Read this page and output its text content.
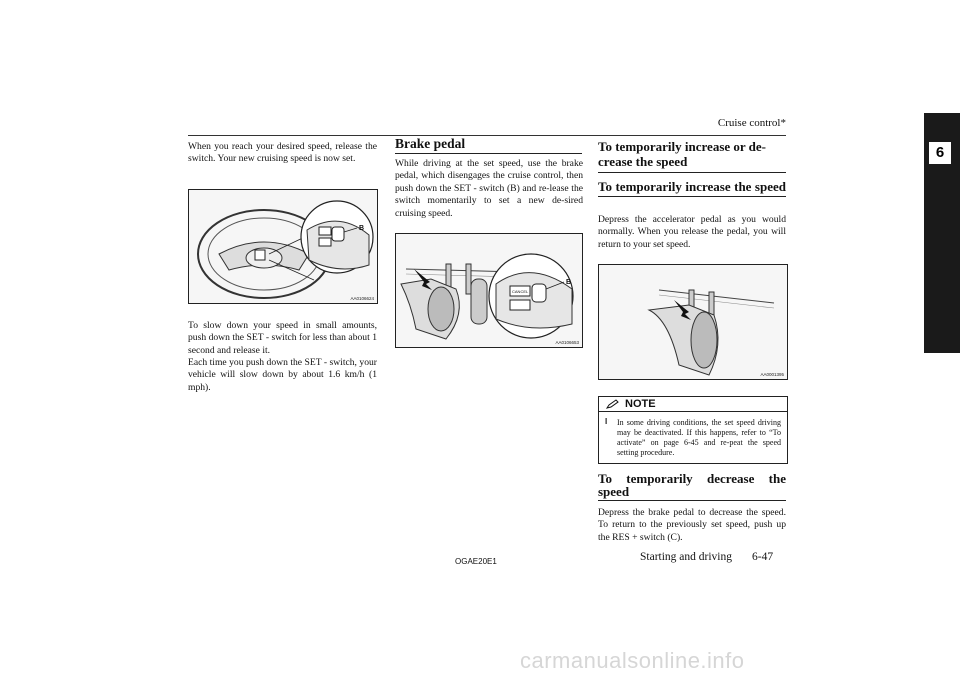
Cruise control*
6

When you reach your desired speed, release the switch. Your new cruising speed is now set.

B
AA0106624

To slow down your speed in small amounts, push down the SET - switch for less than about 1 second and release it.

Each time you push down the SET - switch, your vehicle will slow down by about 1.6 km/h (1 mph).

Brake pedal

While driving at the set speed, use the brake pedal, which disengages the cruise control, then push down the SET - switch (B) and re-lease the switch momentarily to set a new de-sired cruising speed.

CANCEL
B
AA0106653
To temporarily increase or de-crease the speed
To temporarily increase the speed

Depress the accelerator pedal as you would normally. When you release the pedal, you will return to your set speed.

AA0001395
NOTE
l In some driving conditions, the set speed driving may be deactivated. If this happens, refer to “To activate” on page 6-45 and re-peat the speed setting procedure.
To temporarily decrease the speed

Depress the brake pedal to decrease the speed. To return to the previously set speed, push up the RES + switch (C).

OGAE20E1	Starting and driving 6-47
carmanualsonline.info
